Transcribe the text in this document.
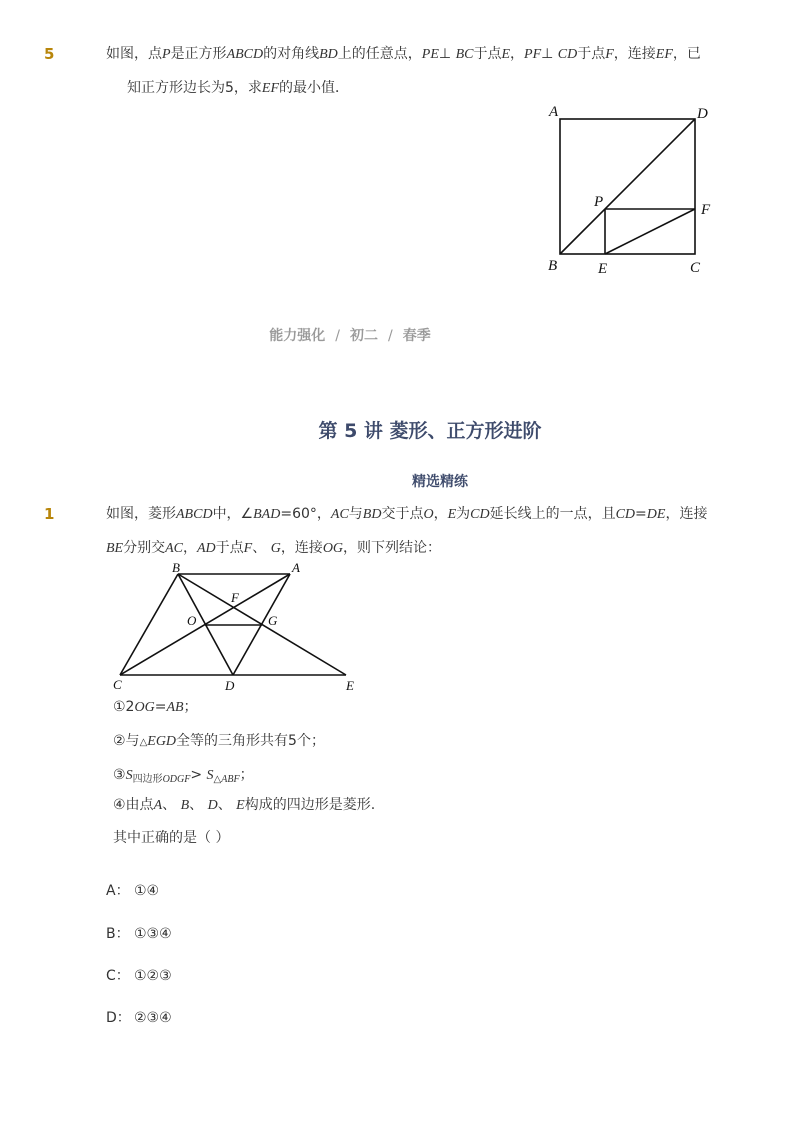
5	如图，点P是正方形ABCD的对角线BD上的任意点，PE⊥ BC于点E，PF⊥ CD于点F，连接EF，已
知正方形边长为5，求EF的最小值．
A	D
P	F
B	E	C
能力强化 / 初二 / 春季
第 5 讲 菱形、正方形进阶
精选精练
1	如图，菱形ABCD中，∠BAD=60°，AC与BD交于点O，E为CD延长线上的一点，且CD=DE，连接
BE分别交AC，AD于点F、 G，连接OG，则下列结论：
B	A
F
O	G
C	D	E
①2OG=AB；
②与△EGD全等的三角形共有5个；
$③S_{四边形ODGF}> S_{\triangle ABF}$；
④由点A、 B、 D、 E构成的四边形是菱形.
其中正确的是（ ）
A： ①④
B： ①③④
C： ①②③
D： ②③④
